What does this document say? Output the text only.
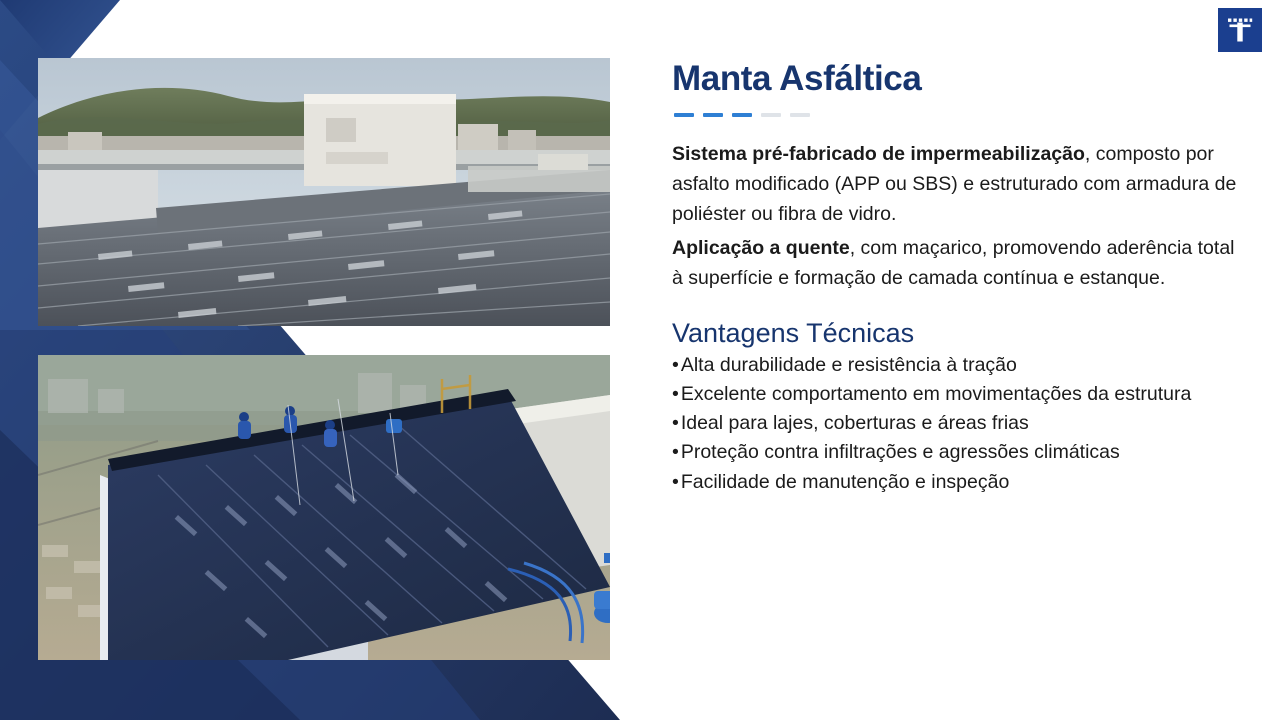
Manta Asfáltica

Sistema pré-fabricado de impermeabilização, composto por asfalto modificado (APP ou SBS) e estruturado com armadura de poliéster ou fibra de vidro.

Aplicação a quente, com maçarico, promovendo aderência total à superfície e formação de camada contínua e estanque.

Vantagens Técnicas
• Alta durabilidade e resistência à tração
• Excelente comportamento em movimentações da estrutura
• Ideal para lajes, coberturas e áreas frias
• Proteção contra infiltrações e agressões climáticas
• Facilidade de manutenção e inspeção
